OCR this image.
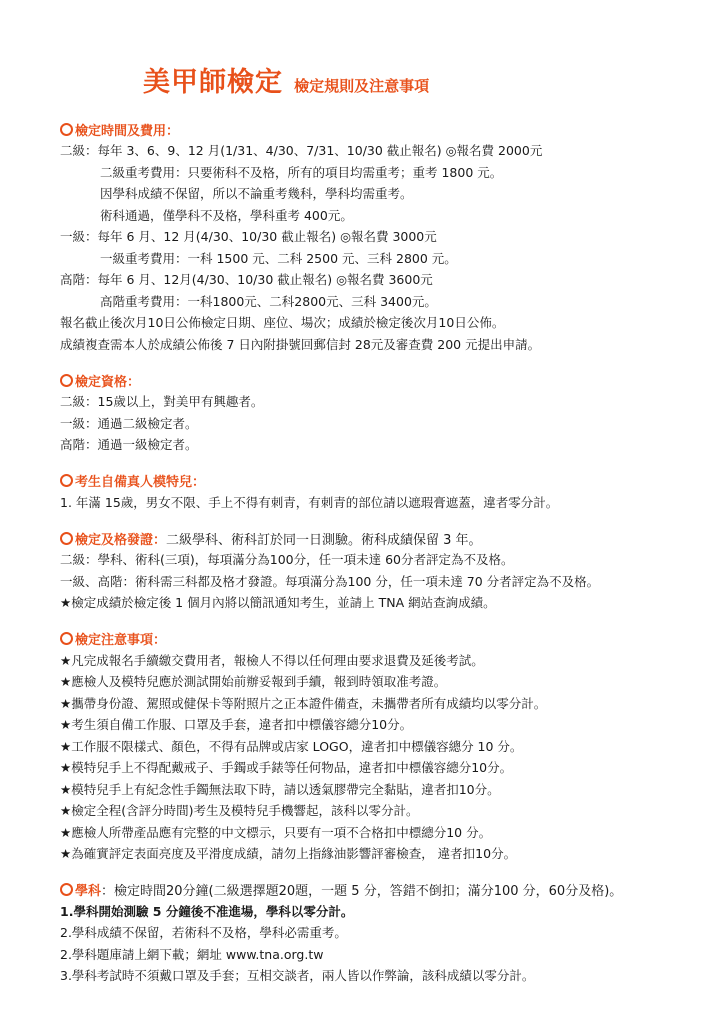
美甲師檢定 檢定規則及注意事項
檢定時間及費用：
二級：每年 3、6、9、12 月(1/31、4/30、7/31、10/30 截止報名) ◎報名費 2000元
二級重考費用：只要術科不及格，所有的項目均需重考；重考 1800 元。
因學科成績不保留，所以不論重考幾科，學科均需重考。
術科通過，僅學科不及格，學科重考 400元。
一級：每年 6 月、12 月(4/30、10/30 截止報名) ◎報名費 3000元
一級重考費用：一科 1500 元、二科 2500 元、三科 2800 元。
高階：每年 6 月、12月(4/30、10/30 截止報名) ◎報名費 3600元
高階重考費用：一科1800元、二科2800元、三科 3400元。
報名截止後次月10日公佈檢定日期、座位、場次；成績於檢定後次月10日公佈。
成績複查需本人於成績公佈後 7 日內附掛號回郵信封 28元及審查費 200 元提出申請。
檢定資格：
二級：15歲以上，對美甲有興趣者。
一級：通過二級檢定者。
高階：通過一級檢定者。
考生自備真人模特兒：
1. 年滿 15歲，男女不限、手上不得有刺青，有刺青的部位請以遮瑕膏遮蓋，違者零分計。
檢定及格發證： 二級學科、術科訂於同一日測驗。術科成績保留 3 年。
二級：學科、術科(三項)，每項滿分為100分，任一項未達 60分者評定為不及格。
一級、高階：術科需三科都及格才發證。每項滿分為100 分，任一項未達 70 分者評定為不及格。
★檢定成績於檢定後 1 個月內將以簡訊通知考生，並請上 TNA 網站查詢成績。
檢定注意事項：
★凡完成報名手續繳交費用者，報檢人不得以任何理由要求退費及延後考試。
★應檢人及模特兒應於測試開始前辦妥報到手續，報到時領取准考證。
★攜帶身份證、駕照或健保卡等附照片之正本證件備查，未攜帶者所有成績均以零分計。
★考生須自備工作服、口罩及手套，違者扣中標儀容總分10分。
★工作服不限樣式、顏色，不得有品牌或店家 LOGO，違者扣中標儀容總分 10 分。
★模特兒手上不得配戴戒子、手鐲或手錶等任何物品，違者扣中標儀容總分10分。
★模特兒手上有紀念性手鐲無法取下時，請以透氣膠帶完全黏貼，違者扣10分。
★檢定全程(含評分時間)考生及模特兒手機響起，該科以零分計。
★應檢人所帶產品應有完整的中文標示，只要有一項不合格扣中標總分10 分。
★為確實評定表面亮度及平滑度成績，請勿上指緣油影響評審檢查， 違者扣10分。
學科 ：檢定時間20分鐘(二級選擇題20題，一題 5 分，答錯不倒扣；滿分100 分，60分及格)。
1.學科開始測驗 5 分鐘後不准進場，學科以零分計。
2.學科成績不保留，若術科不及格，學科必需重考。
2.學科題庫請上網下載；網址 www.tna.org.tw
3.學科考試時不須戴口罩及手套；互相交談者，兩人皆以作弊論，該科成績以零分計。
